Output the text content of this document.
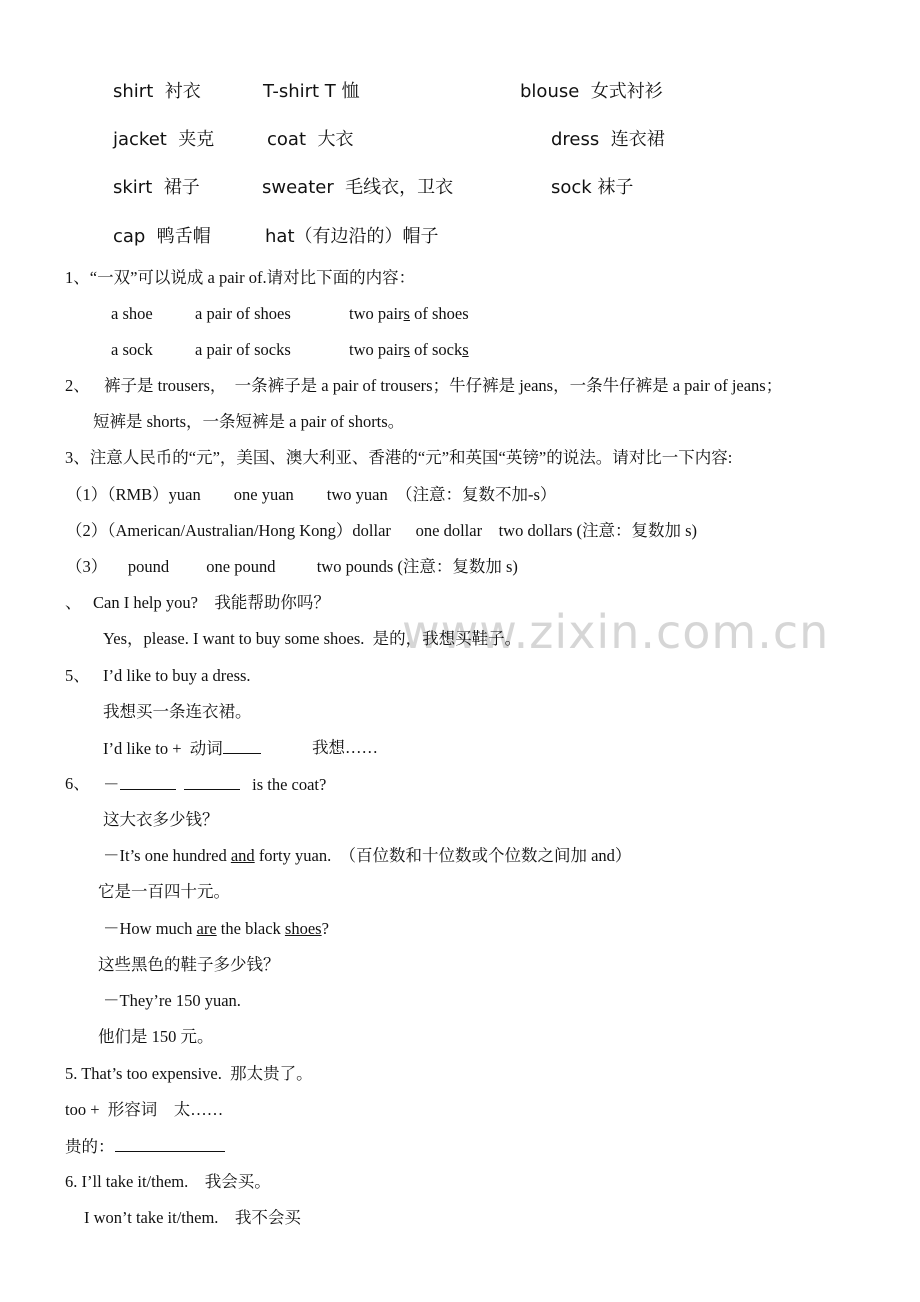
www.zixin.com.cn
shirt  衬衣	T-shirt T 恤	blouse  女式衬衫
jacket  夹克	coat  大衣	dress  连衣裙
skirt  裙子	sweater  毛线衣，卫衣	sock 袜子
cap  鸭舌帽	hat（有边沿的）帽子
1、“一双”可以说成 a pair of.请对比下面的内容：
a shoe	a pair of shoes	two pairs of shoes
a sock	a pair of socks	two pairs of socks
2、 裤子是 trousers，  一条裤子是 a pair of trousers；牛仔裤是 jeans，一条牛仔裤是 a pair of jeans；
短裤是 shorts，一条短裤是 a pair of shorts。
3、注意人民币的“元”，美国、澳大利亚、香港的“元”和英国“英镑”的说法。请对比一下内容:
（1）（RMB）yuan        one yuan        two yuan  （注意：复数不加-s）
（2）（American/Australian/Hong Kong）dollar      one dollar    two dollars (注意：复数加 s)
（3）     pound         one pound          two pounds (注意：复数加 s)
、 Can I help you?    我能帮助你吗？
Yes，please. I want to buy some shoes.  是的，我想买鞋子。
5、 I’d like to buy a dress.
我想买一条连衣裙。
I’d like to +  动词	我想……
6、 －	is the coat?
这大衣多少钱？
－It’s one hundred and forty yuan.  （百位数和十位数或个位数之间加 and）
它是一百四十元。
－How much are the black shoes?
这些黑色的鞋子多少钱？
－They’re 150 yuan.
他们是 150 元。
5. That’s too expensive.  那太贵了。
too +  形容词    太……
贵的：
6. I’ll take it/them.    我会买。
I won’t take it/them.    我不会买
